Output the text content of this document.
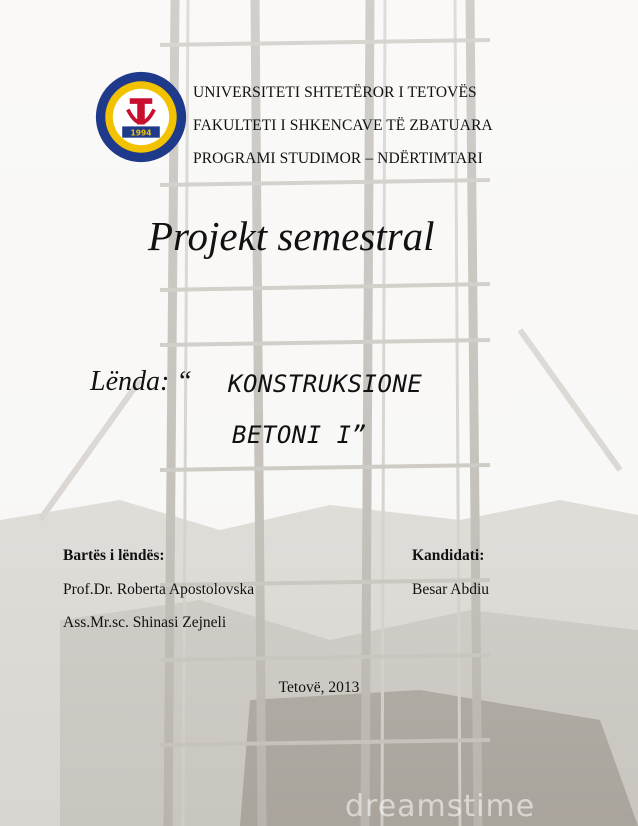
1994
UNIVERSITETI SHTETËROR I TETOVËS
FAKULTETI I SHKENCAVE TË ZBATUARA
PROGRAMI STUDIMOR – NDËRTIMTARI
Projekt semestral
Lënda: “ KONSTRUKSIONE
BETONI I”
Bartës i lëndës:
Prof.Dr. Roberta Apostolovska
Ass.Mr.sc. Shinasi Zejneli
Kandidati:
Besar Abdiu
Tetovë, 2013
dreamstime
